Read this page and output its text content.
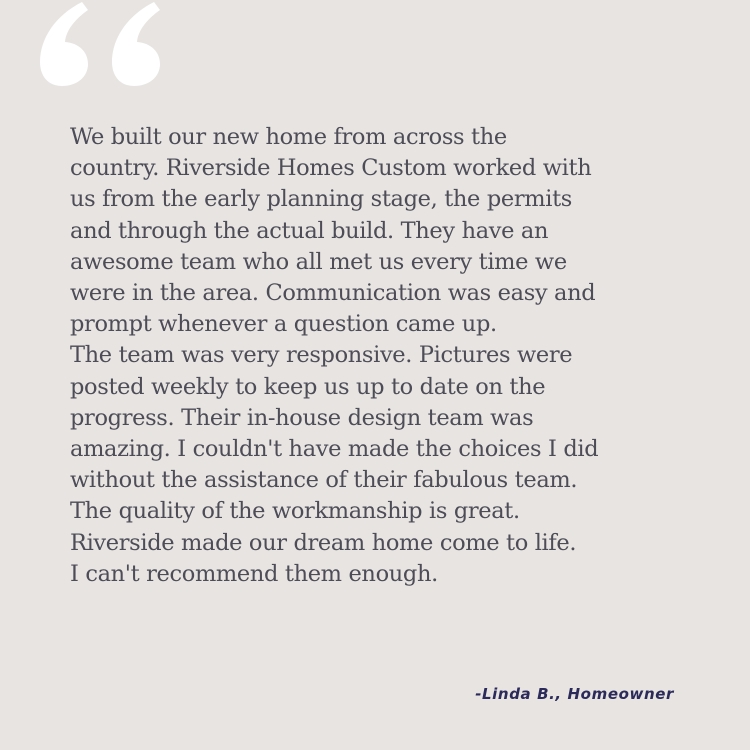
We built our new home from across the
country. Riverside Homes Custom worked with
us from the early planning stage, the permits
and through the actual build. They have an
awesome team who all met us every time we
were in the area. Communication was easy and
prompt whenever a question came up.
The team was very responsive. Pictures were
posted weekly to keep us up to date on the
progress. Their in-house design team was
amazing. I couldn't have made the choices I did
without the assistance of their fabulous team.
The quality of the workmanship is great.
Riverside made our dream home come to life.
I can't recommend them enough.

-Linda B., Homeowner
